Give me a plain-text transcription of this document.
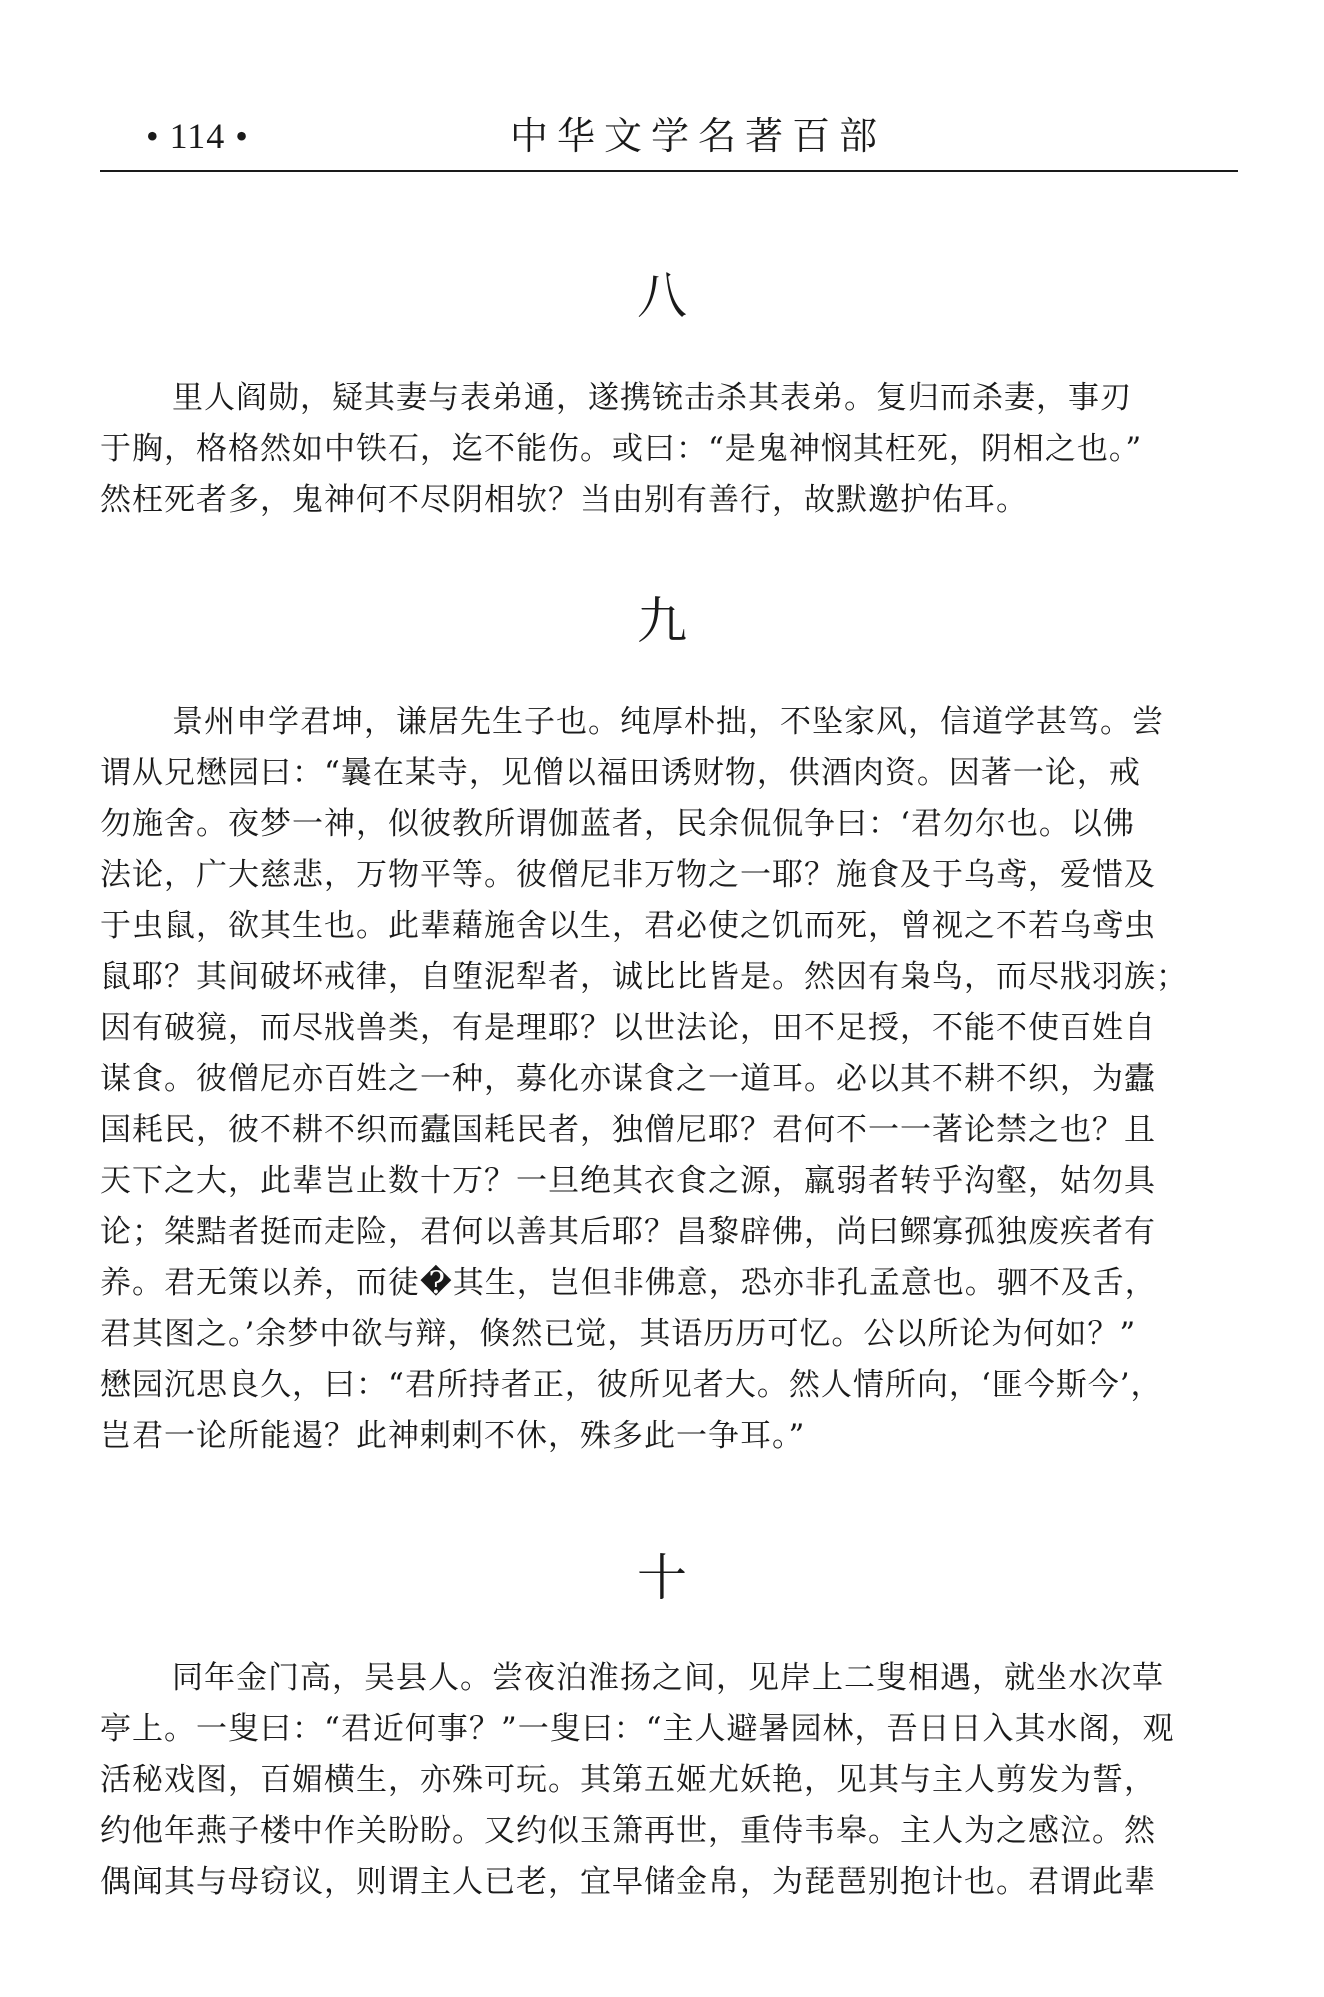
• 114 •	中华文学名著百部
八
里人阎勋，疑其妻与表弟通，遂携铳击杀其表弟。复归而杀妻，事刃
于胸，格格然如中铁石，迄不能伤。或曰：“是鬼神悯其枉死，阴相之也。”
然枉死者多，鬼神何不尽阴相欤？当由别有善行，故默邀护佑耳。
九
景州申学君坤，谦居先生子也。纯厚朴拙，不坠家风，信道学甚笃。尝
谓从兄懋园曰：“曩在某寺，见僧以福田诱财物，供酒肉资。因著一论，戒
勿施舍。夜梦一神，似彼教所谓伽蓝者，民余侃侃争曰：‘君勿尔也。以佛
法论，广大慈悲，万物平等。彼僧尼非万物之一耶？施食及于乌鸢，爱惜及
于虫鼠，欲其生也。此辈藉施舍以生，君必使之饥而死，曾视之不若乌鸢虫
鼠耶？其间破坏戒律，自堕泥犁者，诚比比皆是。然因有枭鸟，而尽戕羽族；
因有破獍，而尽戕兽类，有是理耶？以世法论，田不足授，不能不使百姓自
谋食。彼僧尼亦百姓之一种，募化亦谋食之一道耳。必以其不耕不织，为蠹
国耗民，彼不耕不织而蠹国耗民者，独僧尼耶？君何不一一著论禁之也？且
天下之大，此辈岂止数十万？一旦绝其衣食之源，羸弱者转乎沟壑，姑勿具
论；桀黠者挺而走险，君何以善其后耶？昌黎辟佛，尚曰鳏寡孤独废疾者有
养。君无策以养，而徒�其生，岂但非佛意，恐亦非孔孟意也。驷不及舌，
君其图之。’余梦中欲与辩，倏然已觉，其语历历可忆。公以所论为何如？”
懋园沉思良久，曰：“君所持者正，彼所见者大。然人情所向，‘匪今斯今’，
岂君一论所能遏？此神剌剌不休，殊多此一争耳。”
十
同年金门高，吴县人。尝夜泊淮扬之间，见岸上二叟相遇，就坐水次草
亭上。一叟曰：“君近何事？”一叟曰：“主人避暑园林，吾日日入其水阁，观
活秘戏图，百媚横生，亦殊可玩。其第五姬尤妖艳，见其与主人剪发为誓，
约他年燕子楼中作关盼盼。又约似玉箫再世，重侍韦皋。主人为之感泣。然
偶闻其与母窃议，则谓主人已老，宜早储金帛，为琵琶别抱计也。君谓此辈
